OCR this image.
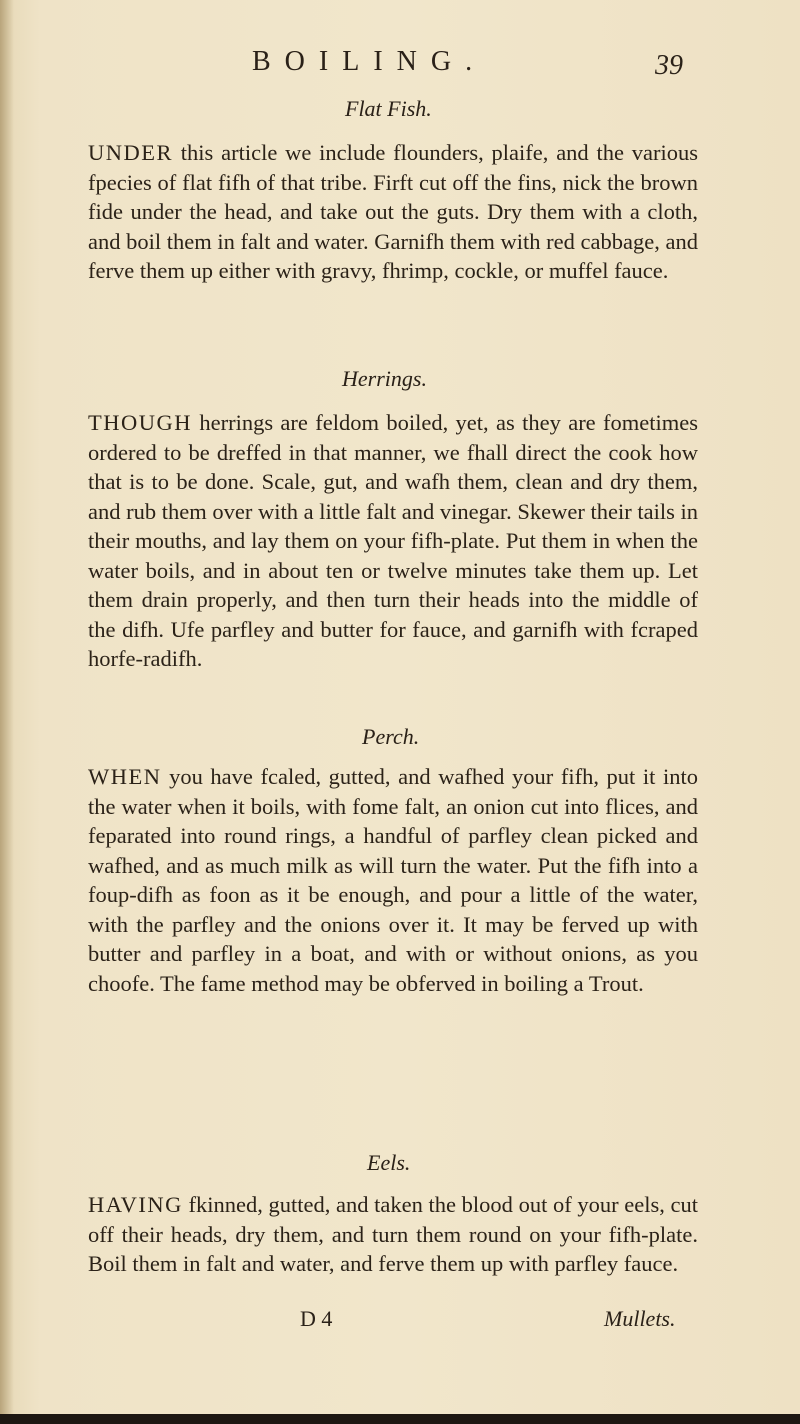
BOILING.	39
Flat Fish.
UNDER this article we include flounders, plaife, and the various fpecies of flat fifh of that tribe. Firft cut off the fins, nick the brown fide under the head, and take out the guts. Dry them with a cloth, and boil them in falt and water. Garnifh them with red cabbage, and ferve them up either with gravy, fhrimp, cockle, or muffel fauce.
Herrings.
THOUGH herrings are feldom boiled, yet, as they are fometimes ordered to be dreffed in that manner, we fhall direct the cook how that is to be done. Scale, gut, and wafh them, clean and dry them, and rub them over with a little falt and vinegar. Skewer their tails in their mouths, and lay them on your fifh-plate. Put them in when the water boils, and in about ten or twelve minutes take them up. Let them drain properly, and then turn their heads into the middle of the difh. Ufe parfley and butter for fauce, and garnifh with fcraped horfe-radifh.
Perch.
WHEN you have fcaled, gutted, and wafhed your fifh, put it into the water when it boils, with fome falt, an onion cut into flices, and feparated into round rings, a handful of parfley clean picked and wafhed, and as much milk as will turn the water. Put the fifh into a foup-difh as foon as it be enough, and pour a little of the water, with the parfley and the onions over it. It may be ferved up with butter and parfley in a boat, and with or without onions, as you choofe. The fame method may be obferved in boiling a Trout.
Eels.
HAVING fkinned, gutted, and taken the blood out of your eels, cut off their heads, dry them, and turn them round on your fifh-plate. Boil them in falt and water, and ferve them up with parfley fauce.
D 4	Mullets.
